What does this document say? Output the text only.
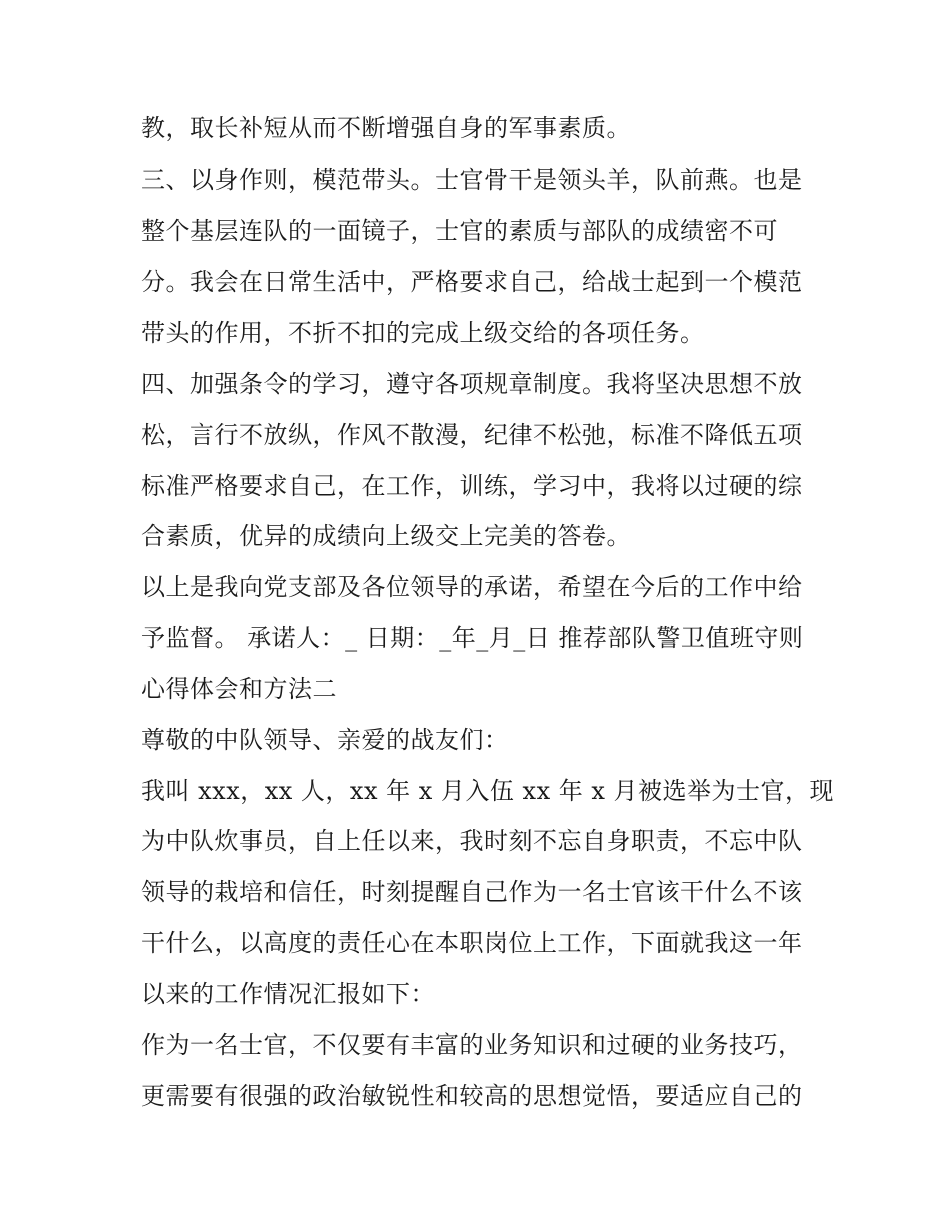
教，取长补短从而不断增强自身的军事素质。
三、以身作则，模范带头。士官骨干是领头羊，队前燕。也是
整个基层连队的一面镜子，士官的素质与部队的成绩密不可
分。我会在日常生活中，严格要求自己，给战士起到一个模范
带头的作用，不折不扣的完成上级交给的各项任务。
四、加强条令的学习，遵守各项规章制度。我将坚决思想不放
松，言行不放纵，作风不散漫，纪律不松弛，标准不降低五项
标准严格要求自己，在工作，训练，学习中，我将以过硬的综
合素质，优异的成绩向上级交上完美的答卷。
以上是我向党支部及各位领导的承诺，希望在今后的工作中给
予监督。 承诺人：_ 日期：_年_月_日 推荐部队警卫值班守则
心得体会和方法二
尊敬的中队领导、亲爱的战友们：
我叫 xxx，xx 人，xx 年 x 月入伍 xx 年 x 月被选举为士官，现
为中队炊事员，自上任以来，我时刻不忘自身职责，不忘中队
领导的栽培和信任，时刻提醒自己作为一名士官该干什么不该
干什么，以高度的责任心在本职岗位上工作，下面就我这一年
以来的工作情况汇报如下：
作为一名士官，不仅要有丰富的业务知识和过硬的业务技巧，
更需要有很强的政治敏锐性和较高的思想觉悟，要适应自己的
